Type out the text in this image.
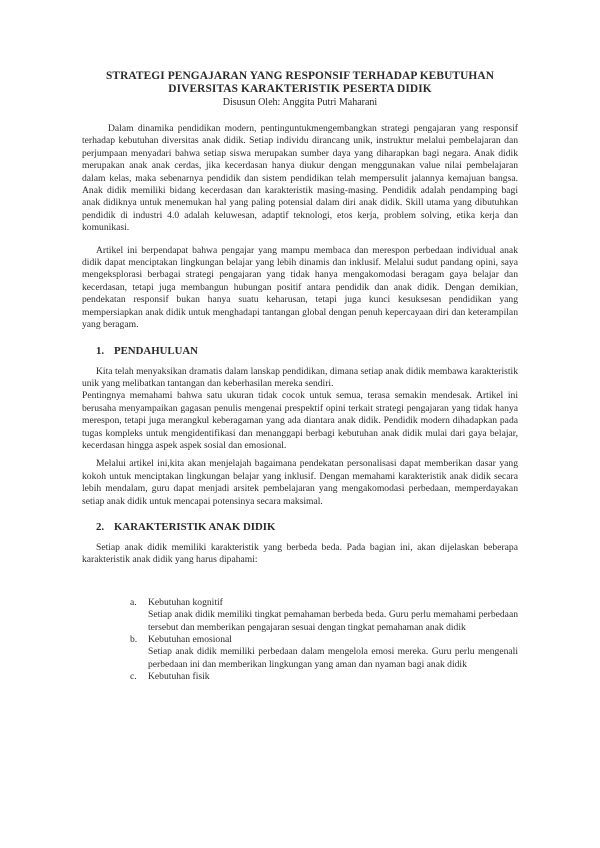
STRATEGI PENGAJARAN YANG RESPONSIF TERHADAP KEBUTUHAN
DIVERSITAS KARAKTERISTIK PESERTA DIDIK
Disusun Oleh: Anggita Putri Maharani

Dalam dinamika pendidikan modern, pentinguntukmengembangkan strategi pengajaran yang responsif terhadap kebutuhan diversitas anak didik. Setiap individu dirancang unik, instruktur melalui pembelajaran dan perjumpaan menyadari bahwa setiap siswa merupakan sumber daya yang diharapkan bagi negara. Anak didik merupakan anak anak cerdas, jika kecerdasan hanya diukur dengan menggunakan value nilai pembelajaran dalam kelas, maka sebenarnya pendidik dan sistem pendidikan telah mempersulit jalannya kemajuan bangsa. Anak didik memiliki bidang kecerdasan dan karakteristik masing-masing. Pendidik adalah pendamping bagi anak didiknya untuk menemukan hal yang paling potensial dalam diri anak didik. Skill utama yang dibutuhkan pendidik di industri 4.0 adalah keluwesan, adaptif teknologi, etos kerja, problem solving, etika kerja dan komunikasi.

Artikel ini berpendapat bahwa pengajar yang mampu membaca dan merespon perbedaan individual anak didik dapat menciptakan lingkungan belajar yang lebih dinamis dan inklusif. Melalui sudut pandang opini, saya mengeksplorasi berbagai strategi pengajaran yang tidak hanya mengakomodasi beragam gaya belajar dan kecerdasan, tetapi juga membangun hubungan positif antara pendidik dan anak didik. Dengan demikian, pendekatan responsif bukan hanya suatu keharusan, tetapi juga kunci kesuksesan pendidikan yang mempersiapkan anak didik untuk menghadapi tantangan global dengan penuh kepercayaan diri dan keterampilan yang beragam.

1. PENDAHULUAN

Kita telah menyaksikan dramatis dalam lanskap pendidikan, dimana setiap anak didik membawa karakteristik unik yang melibatkan tantangan dan keberhasilan mereka sendiri.

Pentingnya memahami bahwa satu ukuran tidak cocok untuk semua, terasa semakin mendesak. Artikel ini berusaha menyampaikan gagasan penulis mengenai prespektif opini terkait strategi pengajaran yang tidak hanya merespon, tetapi juga merangkul keberagaman yang ada diantara anak didik. Pendidik modern dihadapkan pada tugas kompleks untuk mengidentifikasi dan menanggapi berbagi kebutuhan anak didik mulai dari gaya belajar, kecerdasan hingga aspek aspek sosial dan emosional.

Melalui artikel ini,kita akan menjelajah bagaimana pendekatan personalisasi dapat memberikan dasar yang kokoh untuk menciptakan lingkungan belajar yang inklusif. Dengan memahami karakteristik anak didik secara lebih mendalam, guru dapat menjadi arsitek pembelajaran yang mengakomodasi perbedaan, memperdayakan setiap anak didik untuk mencapai potensinya secara maksimal.

2. KARAKTERISTIK ANAK DIDIK

Setiap anak didik memiliki karakteristik yang berbeda beda. Pada bagian ini, akan dijelaskan beberapa karakteristik anak didik yang harus dipahami:

a.	Kebutuhan kognitif
Setiap anak didik memiliki tingkat pemahaman berbeda beda. Guru perlu memahami perbedaan tersebut dan memberikan pengajaran sesuai dengan tingkat pemahaman anak didik
b.	Kebutuhan emosional
Setiap anak didik memiliki perbedaan dalam mengelola emosi mereka. Guru perlu mengenali perbedaan ini dan memberikan lingkungan yang aman dan nyaman bagi anak didik
c.	Kebutuhan fisik
